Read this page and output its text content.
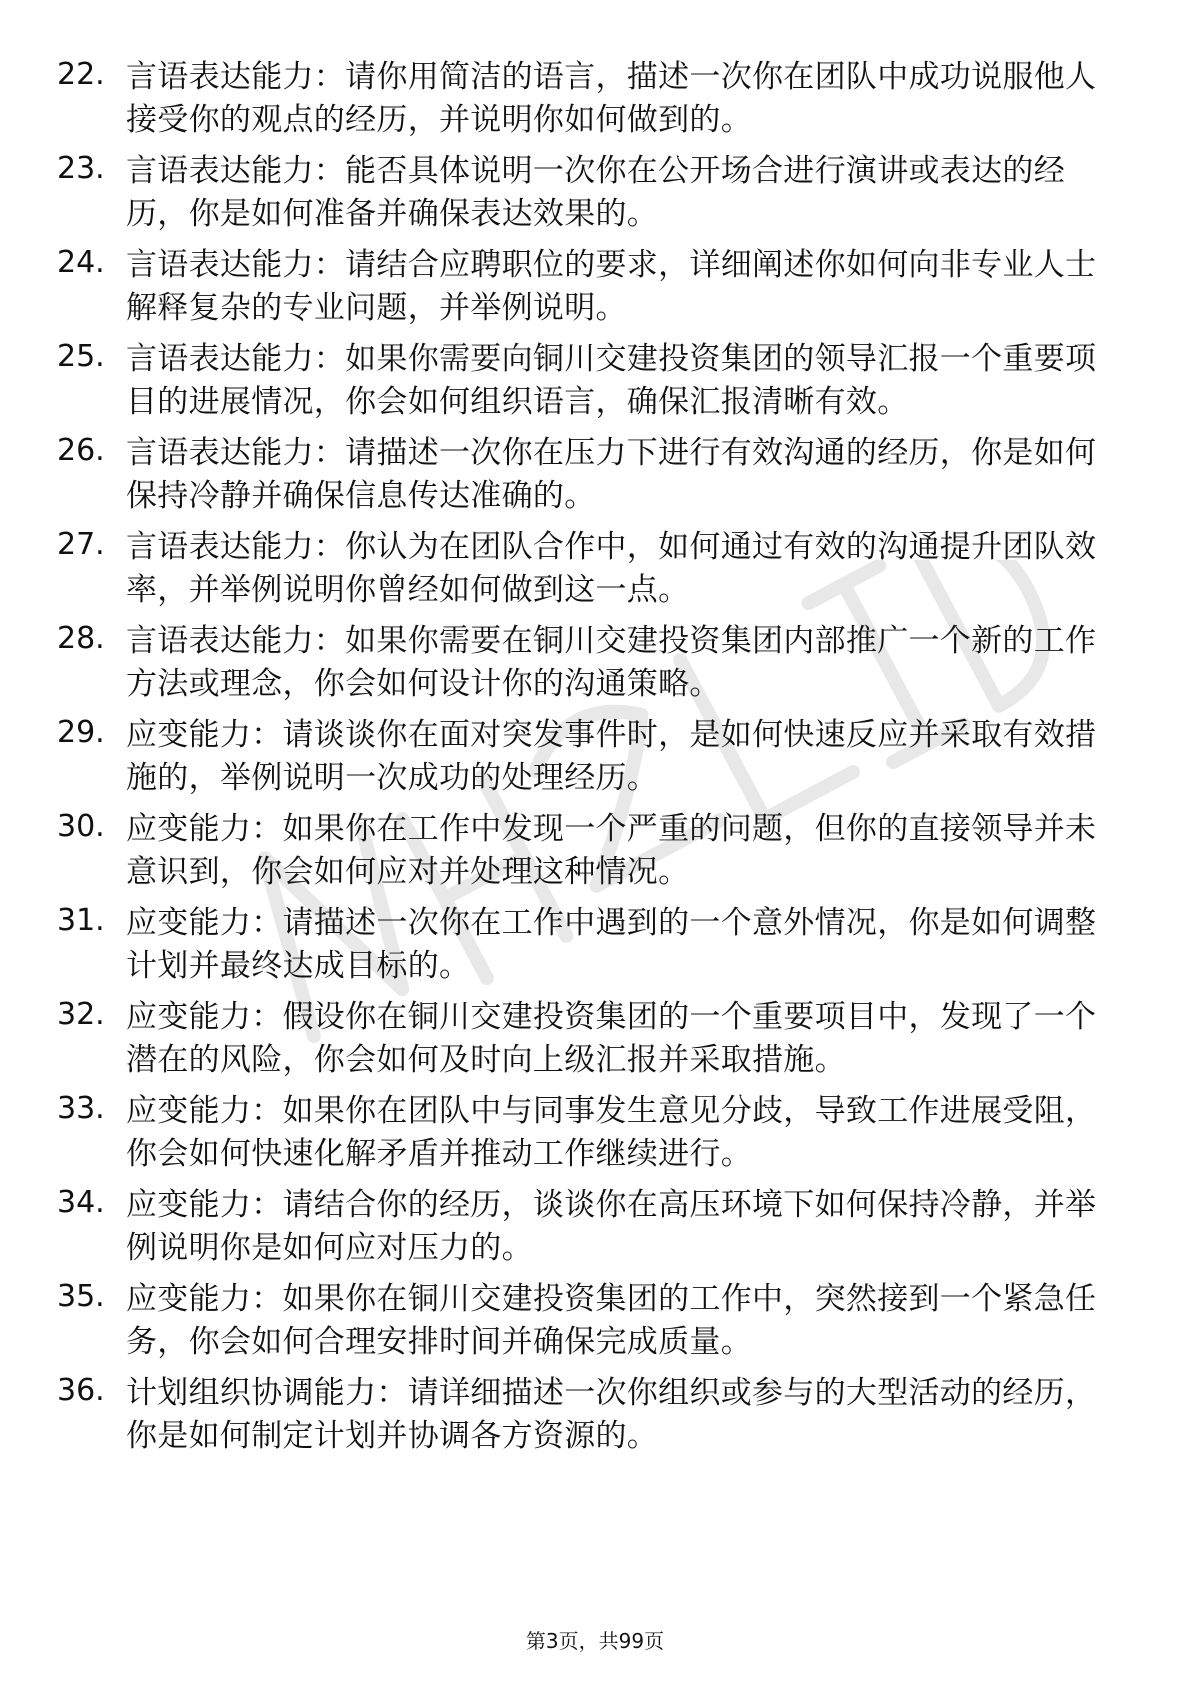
22. 言语表达能力：请你用简洁的语言，描述一次你在团队中成功说服他人接受你的观点的经历，并说明你如何做到的。
23. 言语表达能力：能否具体说明一次你在公开场合进行演讲或表达的经历，你是如何准备并确保表达效果的。
24. 言语表达能力：请结合应聘职位的要求，详细阐述你如何向非专业人士解释复杂的专业问题，并举例说明。
25. 言语表达能力：如果你需要向铜川交建投资集团的领导汇报一个重要项目的进展情况，你会如何组织语言，确保汇报清晰有效。
26. 言语表达能力：请描述一次你在压力下进行有效沟通的经历，你是如何保持冷静并确保信息传达准确的。
27. 言语表达能力：你认为在团队合作中，如何通过有效的沟通提升团队效率，并举例说明你曾经如何做到这一点。
28. 言语表达能力：如果你需要在铜川交建投资集团内部推广一个新的工作方法或理念，你会如何设计你的沟通策略。
29. 应变能力：请谈谈你在面对突发事件时，是如何快速反应并采取有效措施的，举例说明一次成功的处理经历。
30. 应变能力：如果你在工作中发现一个严重的问题，但你的直接领导并未意识到，你会如何应对并处理这种情况。
31. 应变能力：请描述一次你在工作中遇到的一个意外情况，你是如何调整计划并最终达成目标的。
32. 应变能力：假设你在铜川交建投资集团的一个重要项目中，发现了一个潜在的风险，你会如何及时向上级汇报并采取措施。
33. 应变能力：如果你在团队中与同事发生意见分歧，导致工作进展受阻，你会如何快速化解矛盾并推动工作继续进行。
34. 应变能力：请结合你的经历，谈谈你在高压环境下如何保持冷静，并举例说明你是如何应对压力的。
35. 应变能力：如果你在铜川交建投资集团的工作中，突然接到一个紧急任务，你会如何合理安排时间并确保完成质量。
36. 计划组织协调能力：请详细描述一次你组织或参与的大型活动的经历，你是如何制定计划并协调各方资源的。
第3页，共99页
